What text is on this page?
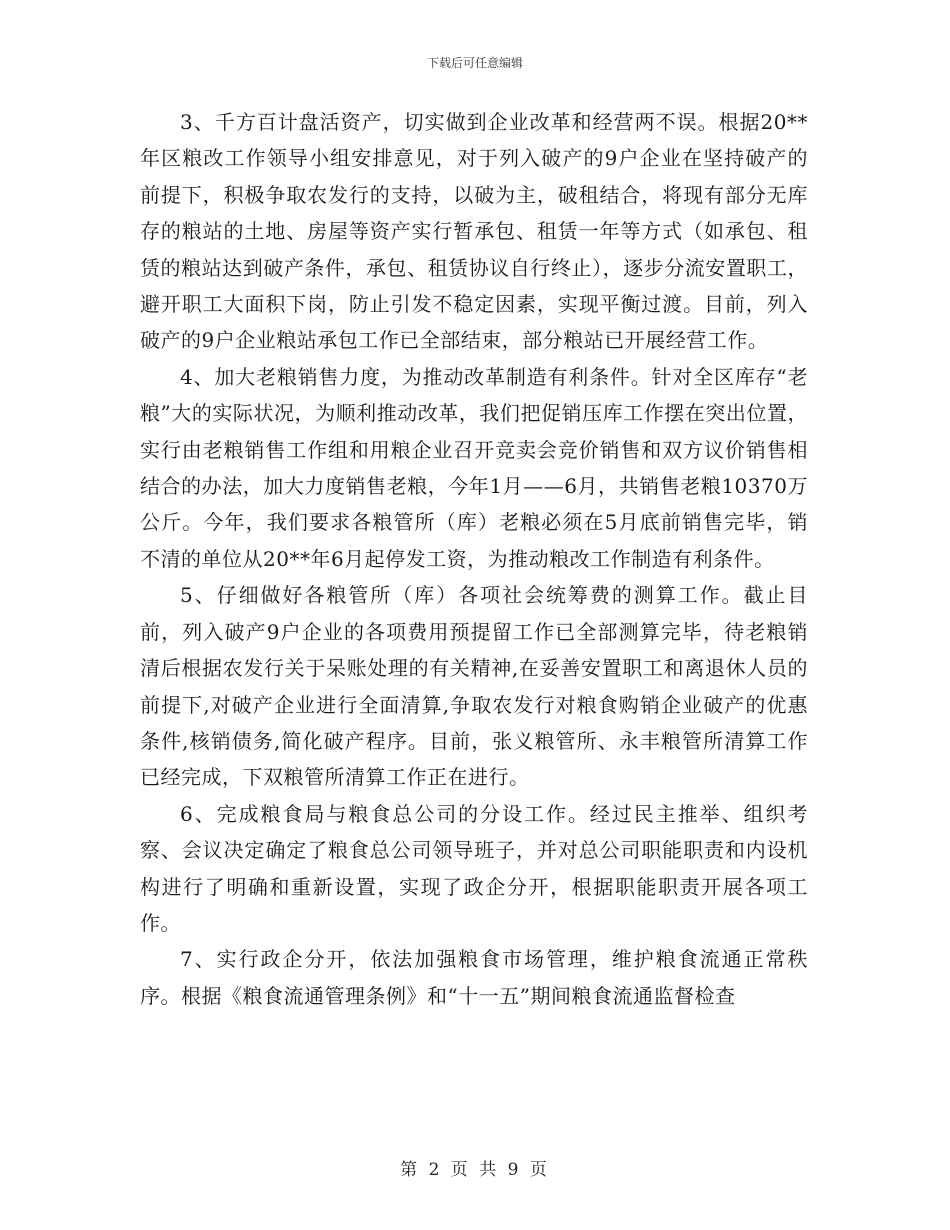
下载后可任意编辑

3、千方百计盘活资产，切实做到企业改革和经营两不误。根据20**年区粮改工作领导小组安排意见，对于列入破产的9户企业在坚持破产的前提下，积极争取农发行的支持，以破为主，破租结合，将现有部分无库存的粮站的土地、房屋等资产实行暂承包、租赁一年等方式（如承包、租赁的粮站达到破产条件，承包、租赁协议自行终止），逐步分流安置职工，避开职工大面积下岗，防止引发不稳定因素，实现平衡过渡。目前，列入破产的9户企业粮站承包工作已全部结束，部分粮站已开展经营工作。

4、加大老粮销售力度，为推动改革制造有利条件。针对全区库存“老粮”大的实际状况，为顺利推动改革，我们把促销压库工作摆在突出位置，实行由老粮销售工作组和用粮企业召开竞卖会竞价销售和双方议价销售相结合的办法，加大力度销售老粮，今年1月——6月，共销售老粮10370万公斤。今年，我们要求各粮管所（库）老粮必须在5月底前销售完毕，销不清的单位从20**年6月起停发工资，为推动粮改工作制造有利条件。

5、仔细做好各粮管所（库）各项社会统筹费的测算工作。截止目前，列入破产9户企业的各项费用预提留工作已全部测算完毕，待老粮销清后根据农发行关于呆账处理的有关精神,在妥善安置职工和离退休人员的前提下,对破产企业进行全面清算,争取农发行对粮食购销企业破产的优惠条件,核销债务,简化破产程序。目前，张义粮管所、永丰粮管所清算工作已经完成，下双粮管所清算工作正在进行。

6、完成粮食局与粮食总公司的分设工作。经过民主推举、组织考察、会议决定确定了粮食总公司领导班子，并对总公司职能职责和内设机构进行了明确和重新设置，实现了政企分开，根据职能职责开展各项工作。

7、实行政企分开，依法加强粮食市场管理，维护粮食流通正常秩序。根据《粮食流通管理条例》和“十一五”期间粮食流通监督检查

第 2 页 共 9 页
